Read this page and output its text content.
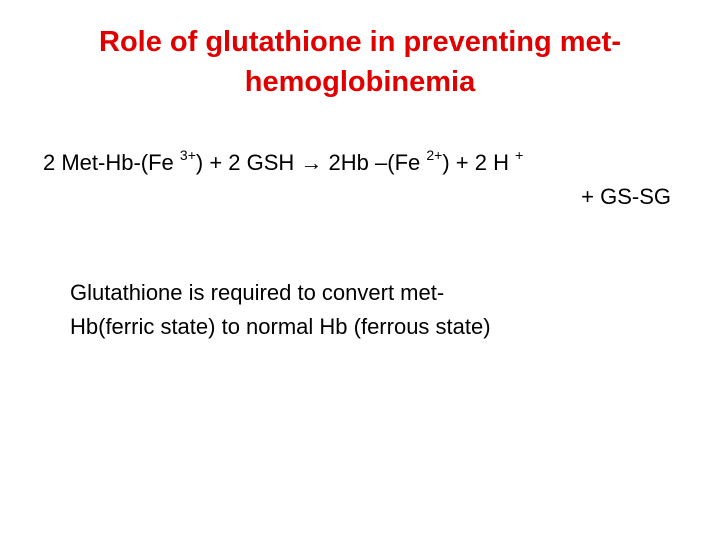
Role of glutathione in preventing met-
hemoglobinemia
2 Met-Hb-(Fe $^{3+}$) + 2 GSH → 2Hb –(Fe $^{2+}$) + 2 H +
+ GS-SG
Glutathione is required to convert met-
Hb(ferric state) to normal Hb (ferrous state)
